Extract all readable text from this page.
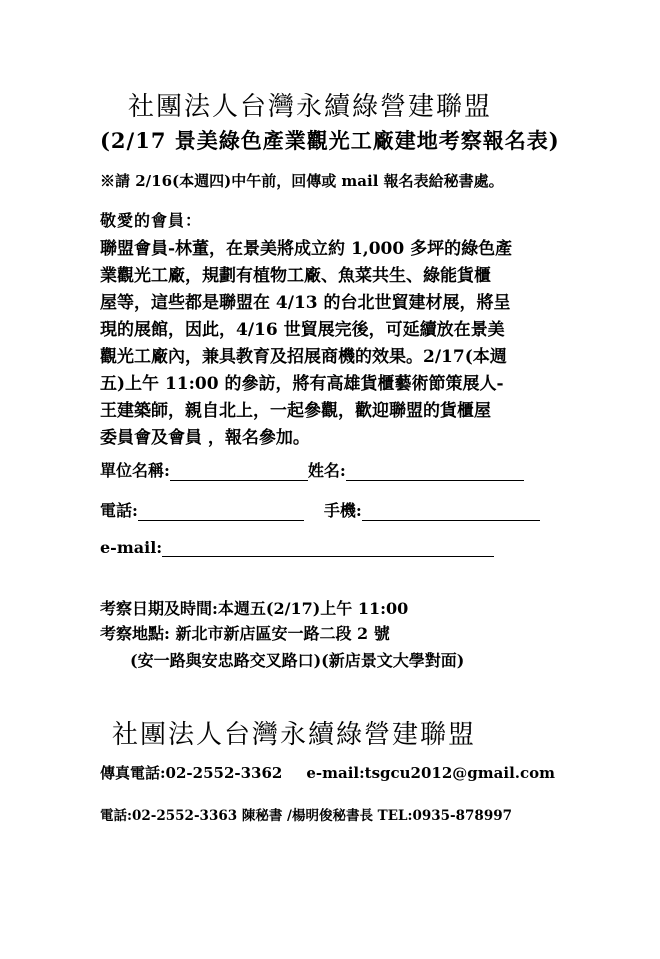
社團法人台灣永續綠營建聯盟
(2/17 景美綠色產業觀光工廠建地考察報名表)
※請 2/16(本週四)中午前，回傳或 mail 報名表給秘書處。
敬愛的會員：
聯盟會員-林董，在景美將成立約 1,000 多坪的綠色產
業觀光工廠，規劃有植物工廠、魚菜共生、綠能貨櫃
屋等，這些都是聯盟在 4/13 的台北世貿建材展，將呈
現的展館，因此，4/16 世貿展完後，可延續放在景美
觀光工廠內，兼具教育及招展商機的效果。2/17(本週
五)上午 11:00 的參訪，將有高雄貨櫃藝術節策展人-
王建築師，親自北上，一起參觀，歡迎聯盟的貨櫃屋
委員會及會員 ，報名參加。
單位名稱:	姓名:
電話:	手機:
e-mail:
考察日期及時間:本週五(2/17)上午 11:00
考察地點: 新北市新店區安一路二段 2 號
(安一路與安忠路交叉路口)(新店景文大學對面)
社團法人台灣永續綠營建聯盟
傳真電話:02-2552-3362 e-mail:tsgcu2012@gmail.com
電話:02-2552-3363 陳秘書 /楊明俊秘書長 TEL:0935-878997
